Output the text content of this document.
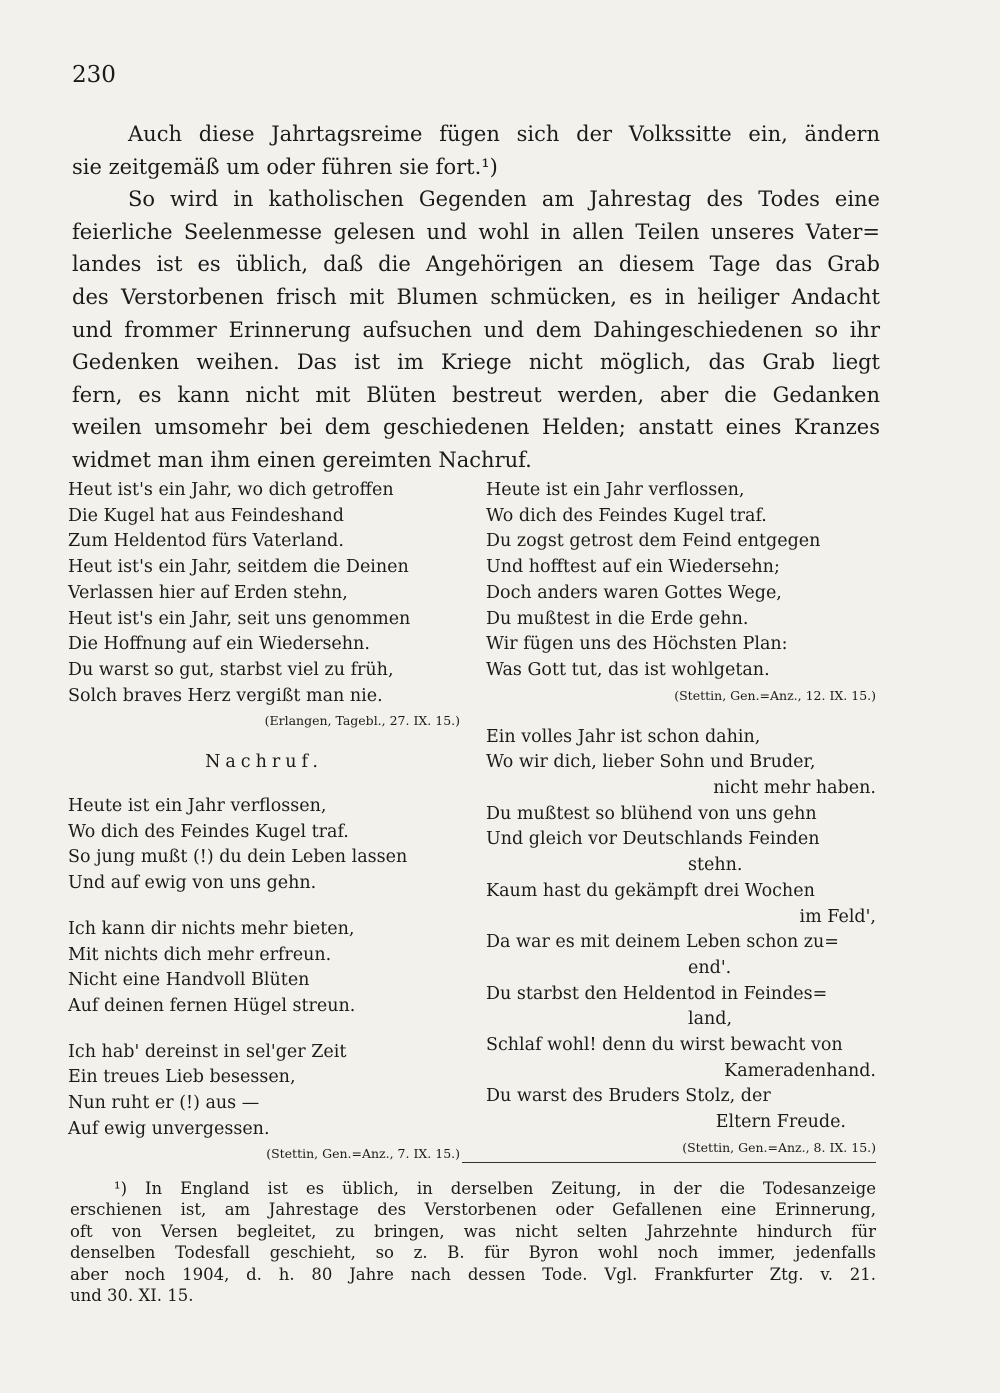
230
Auch diese Jahrtagsreime fügen sich der Volkssitte ein, ändern
sie zeitgemäß um oder führen sie fort.¹)
So wird in katholischen Gegenden am Jahrestag des Todes eine
feierliche Seelenmesse gelesen und wohl in allen Teilen unseres Vater=
landes ist es üblich, daß die Angehörigen an diesem Tage das Grab
des Verstorbenen frisch mit Blumen schmücken, es in heiliger Andacht
und frommer Erinnerung aufsuchen und dem Dahingeschiedenen so ihr
Gedenken weihen. Das ist im Kriege nicht möglich, das Grab liegt
fern, es kann nicht mit Blüten bestreut werden, aber die Gedanken
weilen umsomehr bei dem geschiedenen Helden; anstatt eines Kranzes
widmet man ihm einen gereimten Nachruf.
Heut ist's ein Jahr, wo dich getroffen
Die Kugel hat aus Feindeshand
Zum Heldentod fürs Vaterland.
Heut ist's ein Jahr, seitdem die Deinen
Verlassen hier auf Erden stehn,
Heut ist's ein Jahr, seit uns genommen
Die Hoffnung auf ein Wiedersehn.
Du warst so gut, starbst viel zu früh,
Solch braves Herz vergißt man nie.
(Erlangen, Tagebl., 27. IX. 15.)
Nachruf.
Heute ist ein Jahr verflossen,
Wo dich des Feindes Kugel traf.
So jung mußt (!) du dein Leben lassen
Und auf ewig von uns gehn.
Ich kann dir nichts mehr bieten,
Mit nichts dich mehr erfreun.
Nicht eine Handvoll Blüten
Auf deinen fernen Hügel streun.
Ich hab' dereinst in sel'ger Zeit
Ein treues Lieb besessen,
Nun ruht er (!) aus —
Auf ewig unvergessen.
(Stettin, Gen.=Anz., 7. IX. 15.)
Heute ist ein Jahr verflossen,
Wo dich des Feindes Kugel traf.
Du zogst getrost dem Feind entgegen
Und hofftest auf ein Wiedersehn;
Doch anders waren Gottes Wege,
Du mußtest in die Erde gehn.
Wir fügen uns des Höchsten Plan:
Was Gott tut, das ist wohlgetan.
(Stettin, Gen.=Anz., 12. IX. 15.)
Ein volles Jahr ist schon dahin,
Wo wir dich, lieber Sohn und Bruder,
nicht mehr haben.
Du mußtest so blühend von uns gehn
Und gleich vor Deutschlands Feinden
stehn.
Kaum hast du gekämpft drei Wochen
im Feld',
Da war es mit deinem Leben schon zu=
end'.
Du starbst den Heldentod in Feindes=
land,
Schlaf wohl! denn du wirst bewacht von
Kameradenhand.
Du warst des Bruders Stolz, der
Eltern Freude.
(Stettin, Gen.=Anz., 8. IX. 15.)
¹) In England ist es üblich, in derselben Zeitung, in der die Todesanzeige
erschienen ist, am Jahrestage des Verstorbenen oder Gefallenen eine Erinnerung,
oft von Versen begleitet, zu bringen, was nicht selten Jahrzehnte hindurch für
denselben Todesfall geschieht, so z. B. für Byron wohl noch immer, jedenfalls
aber noch 1904, d. h. 80 Jahre nach dessen Tode. Vgl. Frankfurter Ztg. v. 21.
und 30. XI. 15.
